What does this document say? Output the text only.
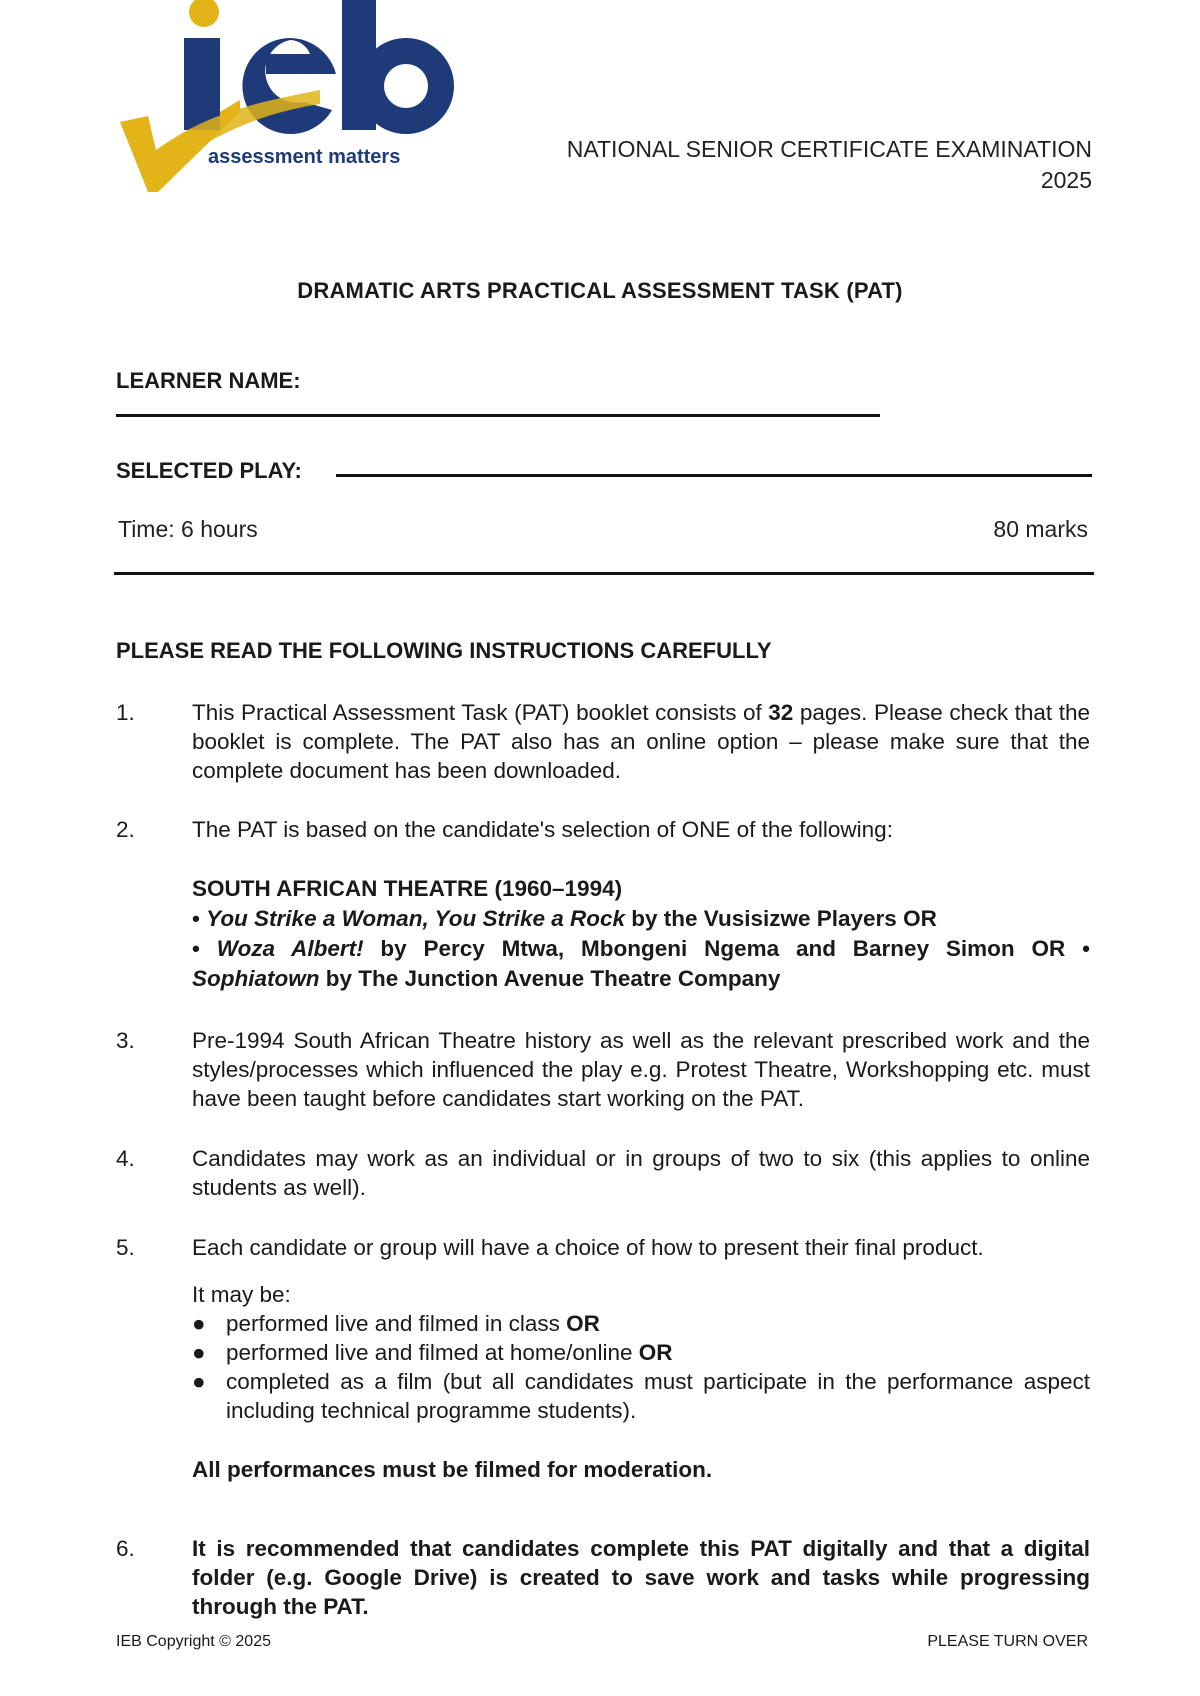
assessment matters	NATIONAL SENIOR CERTIFICATE EXAMINATION
2025
DRAMATIC ARTS PRACTICAL ASSESSMENT TASK (PAT)
LEARNER NAME:
SELECTED PLAY:
Time: 6 hours	80 marks
PLEASE READ THE FOLLOWING INSTRUCTIONS CAREFULLY
1.	This Practical Assessment Task (PAT) booklet consists of 32 pages. Please check that the booklet is complete. The PAT also has an online option – please make sure that the complete document has been downloaded.
2.	The PAT is based on the candidate's selection of ONE of the following:
SOUTH AFRICAN THEATRE (1960–1994)
• You Strike a Woman, You Strike a Rock by the Vusisizwe Players OR
• Woza Albert! by Percy Mtwa, Mbongeni Ngema and Barney Simon OR • Sophiatown by The Junction Avenue Theatre Company
3.	Pre-1994 South African Theatre history as well as the relevant prescribed work and the styles/processes which influenced the play e.g. Protest Theatre, Workshopping etc. must have been taught before candidates start working on the PAT.
4.	Candidates may work as an individual or in groups of two to six (this applies to online students as well).
5.	Each candidate or group will have a choice of how to present their final product.
It may be:
● performed live and filmed in class OR
● performed live and filmed at home/online OR
● completed as a film (but all candidates must participate in the performance aspect including technical programme students).
All performances must be filmed for moderation.
6.	It is recommended that candidates complete this PAT digitally and that a digital folder (e.g. Google Drive) is created to save work and tasks while progressing through the PAT.
IEB Copyright © 2025	PLEASE TURN OVER
